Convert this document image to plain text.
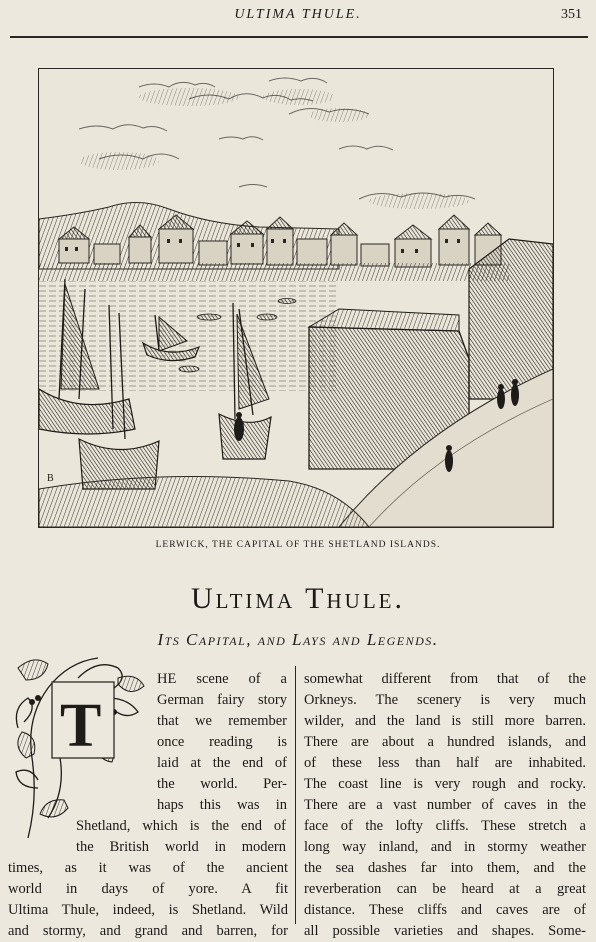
ULTIMA THULE.	351
B
LERWICK, THE CAPITAL OF THE SHETLAND ISLANDS.
Ultima Thule.
Its Capital, and Lays and Legends.
T
HE scene of a
German fairy story
that we remember
once reading is
laid at the end of
the world. Per-
haps this was in
Shetland, which is the end of
the British world in modern
times, as it was of the ancient
world in days of yore. A fit
Ultima Thule, indeed, is Shetland. Wild
and stormy, and grand and barren, for
somewhat different from that of the
Orkneys. The scenery is very much
wilder, and the land is still more barren.
There are about a hundred islands, and
of these less than half are inhabited.
The coast line is very rough and rocky.
There are a vast number of caves in the
face of the lofty cliffs. These stretch a
long way inland, and in stormy weather
the sea dashes far into them, and the
reverberation can be heard at a great
distance. These cliffs and caves are of
all possible varieties and shapes. Some-
